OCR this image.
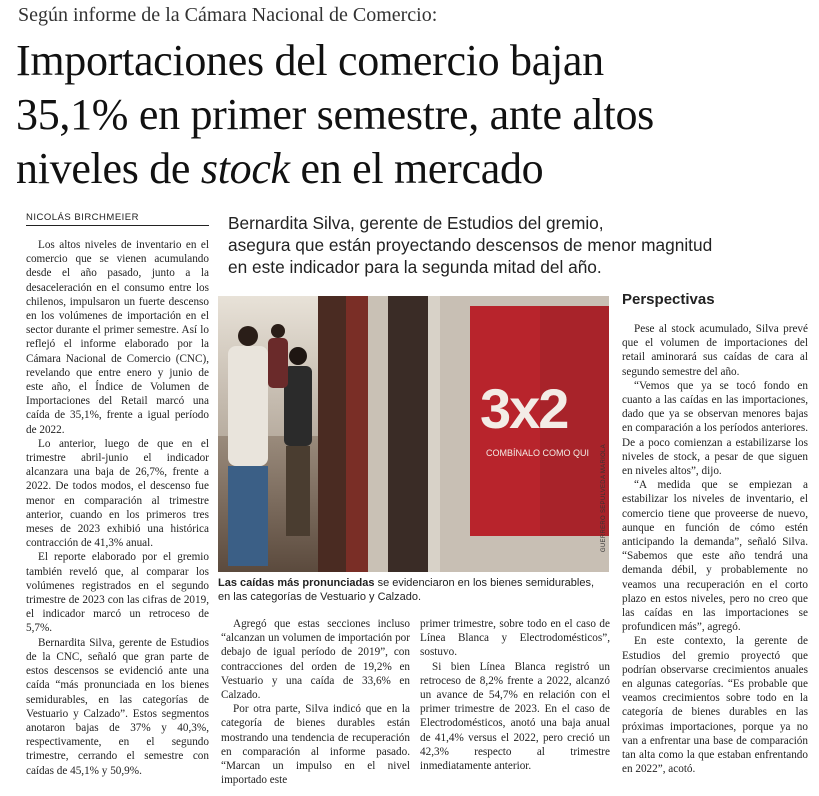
Según informe de la Cámara Nacional de Comercio:
Importaciones del comercio bajan
35,1% en primer semestre, ante altos
niveles de stock en el mercado
NICOLÁS BIRCHMEIER	Bernardita Silva, gerente de Estudios del gremio,
asegura que están proyectando descensos de menor magnitud
en este indicador para la segunda mitad del año.

Los altos niveles de inventario en el comercio que se vienen acumulando desde el año pasado, junto a la desaceleración en el consumo entre los chilenos, impulsaron un fuerte descenso en los volúmenes de importación en el sector durante el primer semestre. Así lo reflejó el informe elaborado por la Cámara Nacional de Comercio (CNC), revelando que entre enero y junio de este año, el Índice de Volumen de Importaciones del Retail marcó una caída de 35,1%, frente a igual período de 2022.

Lo anterior, luego de que en el trimestre abril-junio el indicador alcanzara una baja de 26,7%, frente a 2022. De todos modos, el descenso fue menor en comparación al trimestre anterior, cuando en los primeros tres meses de 2023 exhibió una histórica contracción de 41,3% anual.

El reporte elaborado por el gremio también reveló que, al comparar los volúmenes registrados en el segundo trimestre de 2023 con las cifras de 2019, el indicador marcó un retroceso de 5,7%.

Bernardita Silva, gerente de Estudios de la CNC, señaló que gran parte de estos descensos se evidenció ante una caída “más pronunciada en los bienes semidurables, en las categorías de Vestuario y Calzado”. Estos segmentos anotaron bajas de 37% y 40,3%, respectivamente, en el segundo trimestre, cerrando el semestre con caídas de 45,1% y 50,9%.

3x2
COMBÍNALO COMO QUI GUERRERO SEPÚLVEDA MARIOLA
Las caídas más pronunciadas se evidenciaron en los bienes semidurables, en las categorías de Vestuario y Calzado.

Agregó que estas secciones incluso “alcanzan un volumen de importación por debajo de igual período de 2019”, con contracciones del orden de 19,2% en Vestuario y una caída de 33,6% en Calzado.

Por otra parte, Silva indicó que en la categoría de bienes durables están mostrando una tendencia de recuperación en comparación al informe pasado. “Marcan un impulso en el nivel importado este

primer trimestre, sobre todo en el caso de Línea Blanca y Electrodomésticos”, sostuvo.

Si bien Línea Blanca registró un retroceso de 8,2% frente a 2022, alcanzó un avance de 54,7% en relación con el primer trimestre de 2023. En el caso de Electrodomésticos, anotó una baja anual de 41,4% versus el 2022, pero creció un 42,3% respecto al trimestre inmediatamente anterior.

Perspectivas

Pese al stock acumulado, Silva prevé que el volumen de importaciones del retail aminorará sus caídas de cara al segundo semestre del año.

“Vemos que ya se tocó fondo en cuanto a las caídas en las importaciones, dado que ya se observan menores bajas en comparación a los períodos anteriores. De a poco comienzan a estabilizarse los niveles de stock, a pesar de que siguen en niveles altos”, dijo.

“A medida que se empiezan a estabilizar los niveles de inventario, el comercio tiene que proveerse de nuevo, aunque en función de cómo estén anticipando la demanda”, señaló Silva. “Sabemos que este año tendrá una demanda débil, y probablemente no veamos una recuperación en el corto plazo en estos niveles, pero no creo que las caídas en las importaciones se profundicen más”, agregó.

En este contexto, la gerente de Estudios del gremio proyectó que podrían observarse crecimientos anuales en algunas categorías. “Es probable que veamos crecimientos sobre todo en la categoría de bienes durables en las próximas importaciones, porque ya no van a enfrentar una base de comparación tan alta como la que estaban enfrentando en 2022”, acotó.
